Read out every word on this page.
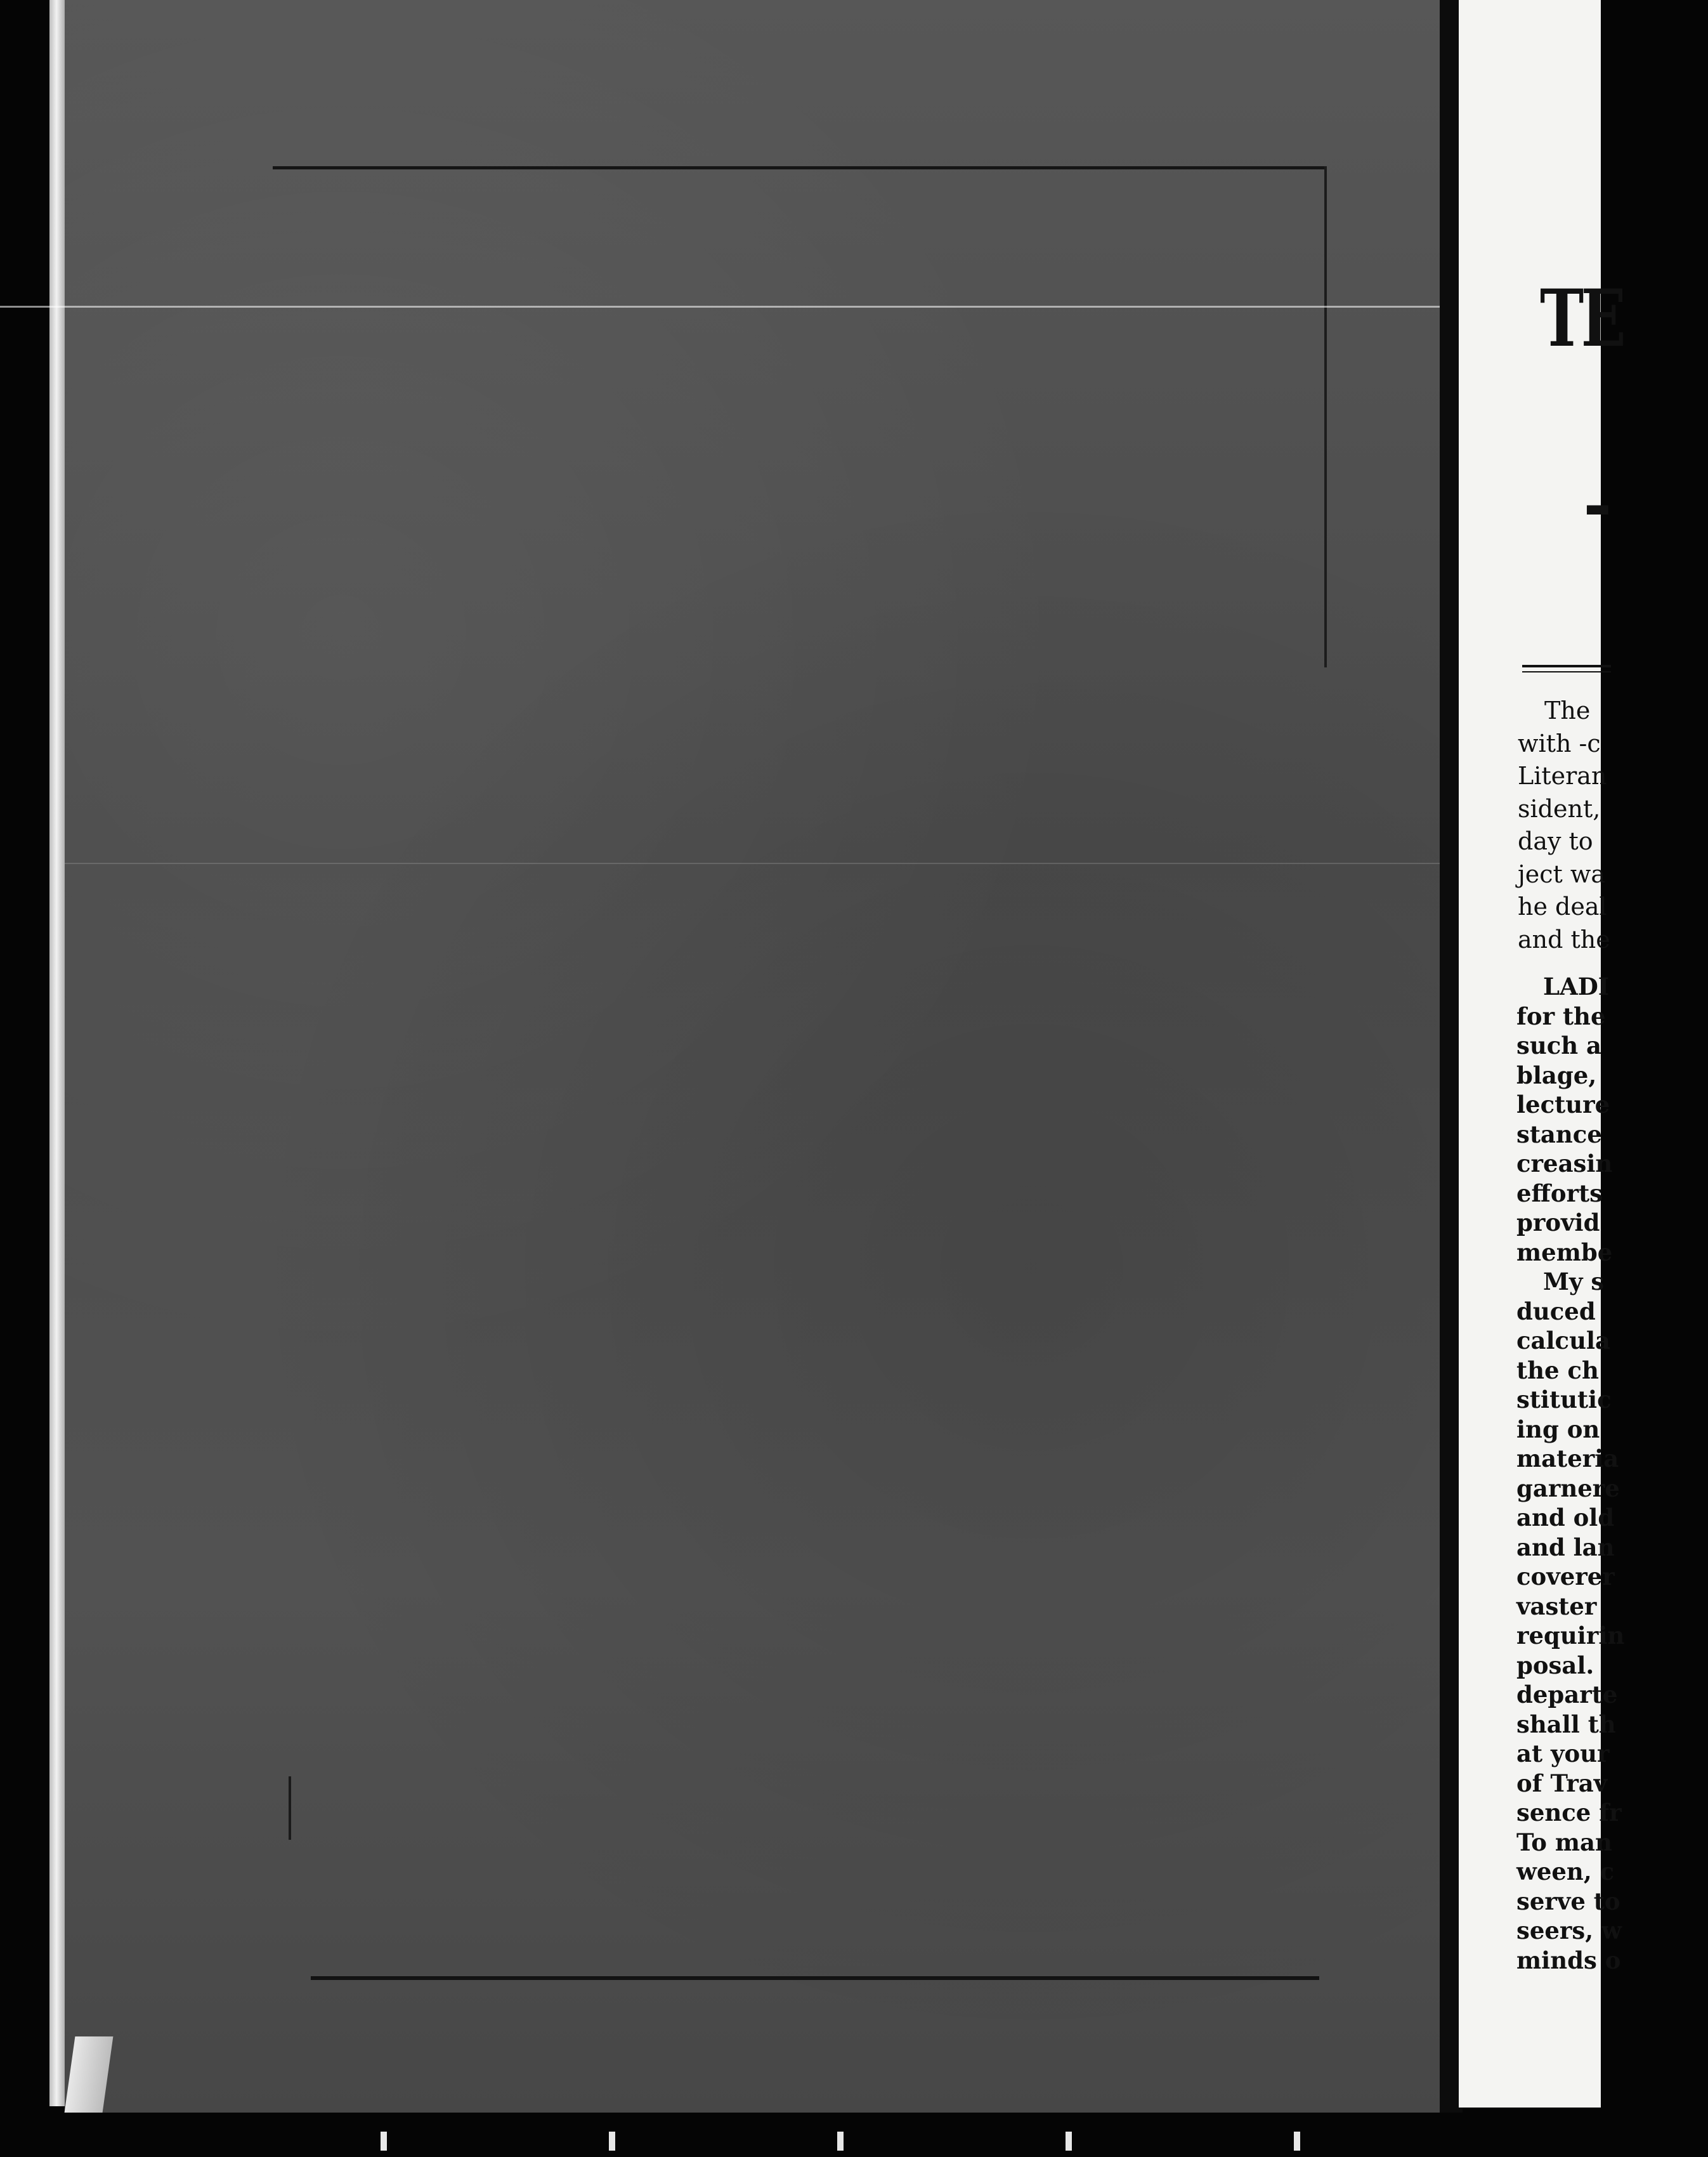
TE
-
The
with -c
Literan
sident,
day to
ject wa
he deal
and the
LADI
for the
such a
blage,
lecture
stance
creasin
efforts
provid
membe
My s
duced
calcula
the ch
stitutic
ing on
materia
garnere
and old
and lan
coverer
vaster
requirin
posal.
departe
shall th
at your
of Trav
sence fr
To man
ween, c
serve to
seers, w
minds o
